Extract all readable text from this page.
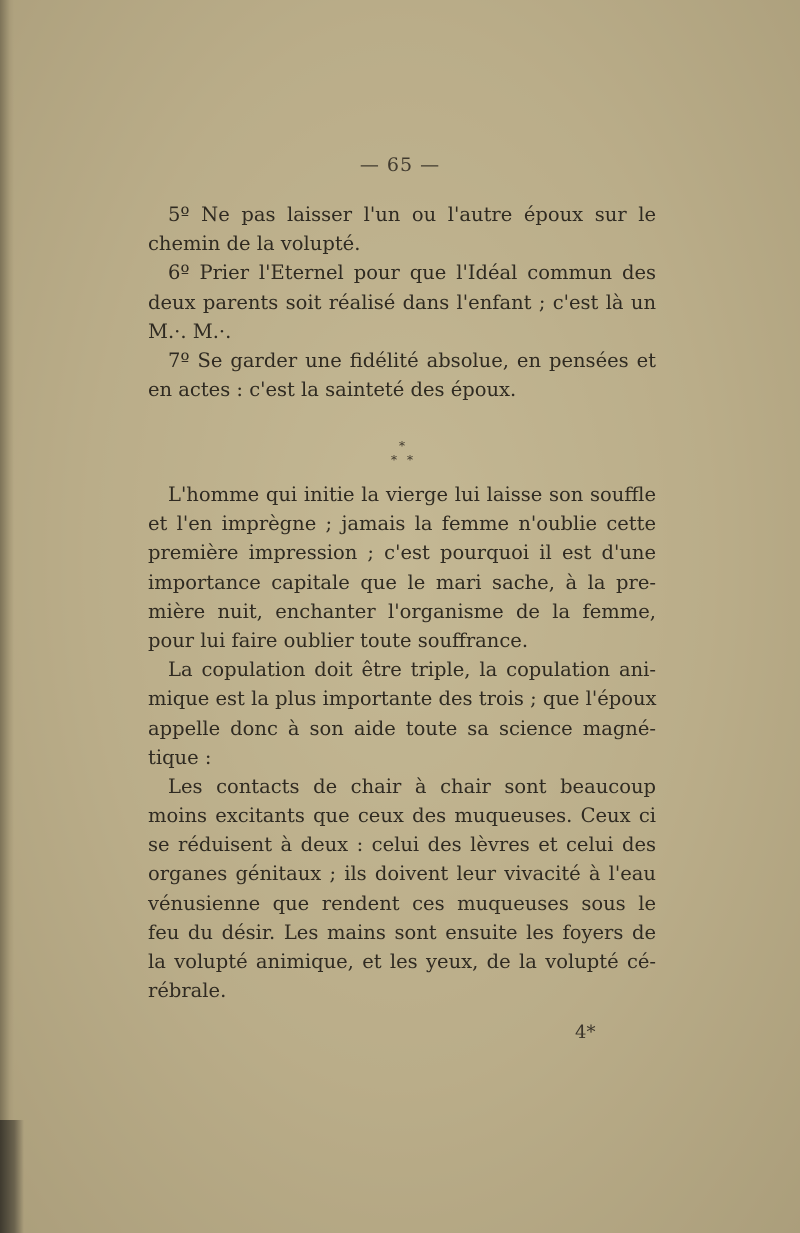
— 65 —
5º Ne pas laisser l'un ou l'autre époux sur le
chemin de la volupté.
6º Prier l'Eternel pour que l'Idéal commun des
deux parents soit réalisé dans l'enfant ; c'est là un
M.·. M.·.
7º Se garder une fidélité absolue, en pensées et
en actes : c'est la sainteté des époux.
*
* *
L'homme qui initie la vierge lui laisse son souffle
et l'en imprègne ; jamais la femme n'oublie cette
première impression ; c'est pourquoi il est d'une
importance capitale que le mari sache, à la pre-
mière nuit, enchanter l'organisme de la femme,
pour lui faire oublier toute souffrance.
La copulation doit être triple, la copulation ani-
mique est la plus importante des trois ; que l'époux
appelle donc à son aide toute sa science magné-
tique :
Les contacts de chair à chair sont beaucoup
moins excitants que ceux des muqueuses. Ceux ci
se réduisent à deux : celui des lèvres et celui des
organes génitaux ; ils doivent leur vivacité à l'eau
vénusienne que rendent ces muqueuses sous le
feu du désir. Les mains sont ensuite les foyers de
la volupté animique, et les yeux, de la volupté cé-
rébrale.
4*
